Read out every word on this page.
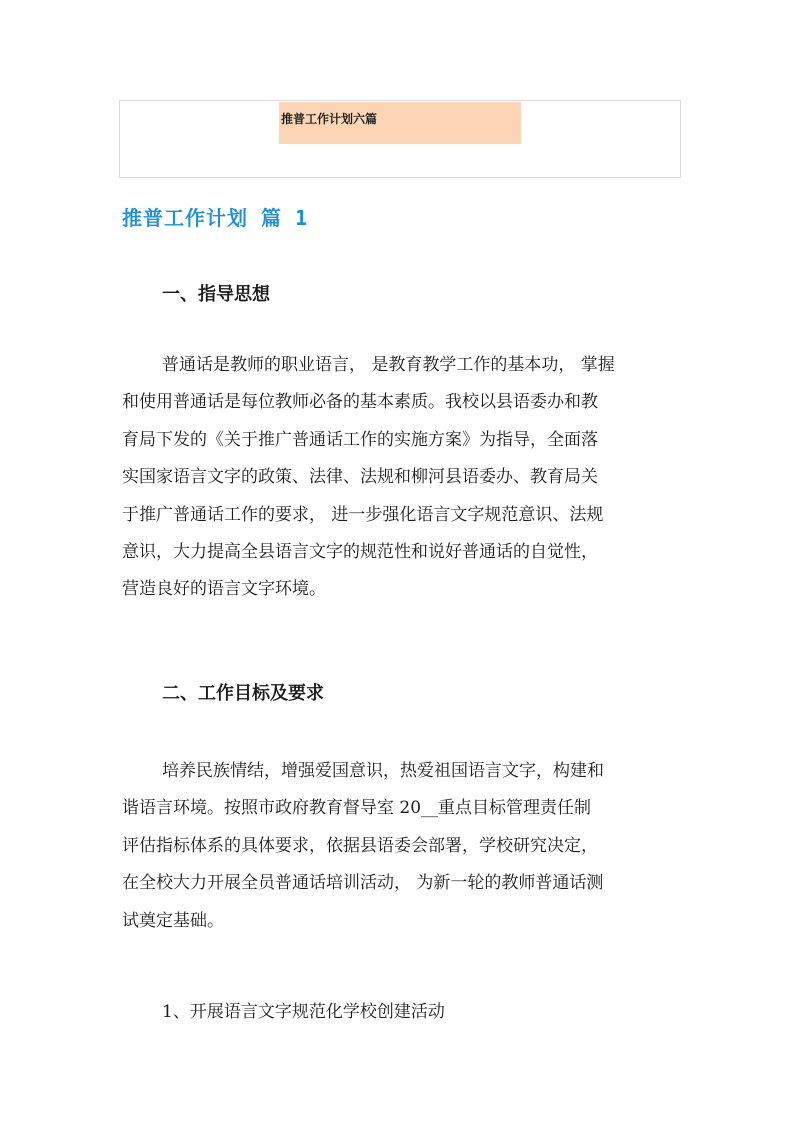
推普工作计划六篇
推普工作计划 篇 1
一、指导思想

普通话是教师的职业语言， 是教育教学工作的基本功， 掌握
和使用普通话是每位教师必备的基本素质。我校以县语委办和教
育局下发的《关于推广普通话工作的实施方案》为指导，全面落
实国家语言文字的政策、法律、法规和柳河县语委办、教育局关
于推广普通话工作的要求， 进一步强化语言文字规范意识、法规
意识，大力提高全县语言文字的规范性和说好普通话的自觉性，
营造良好的语言文字环境。

二、工作目标及要求

培养民族情结，增强爱国意识，热爱祖国语言文字，构建和
谐语言环境。按照市政府教育督导室 20__重点目标管理责任制
评估指标体系的具体要求，依据县语委会部署，学校研究决定，
在全校大力开展全员普通话培训活动， 为新一轮的教师普通话测
试奠定基础。

1、开展语言文字规范化学校创建活动
